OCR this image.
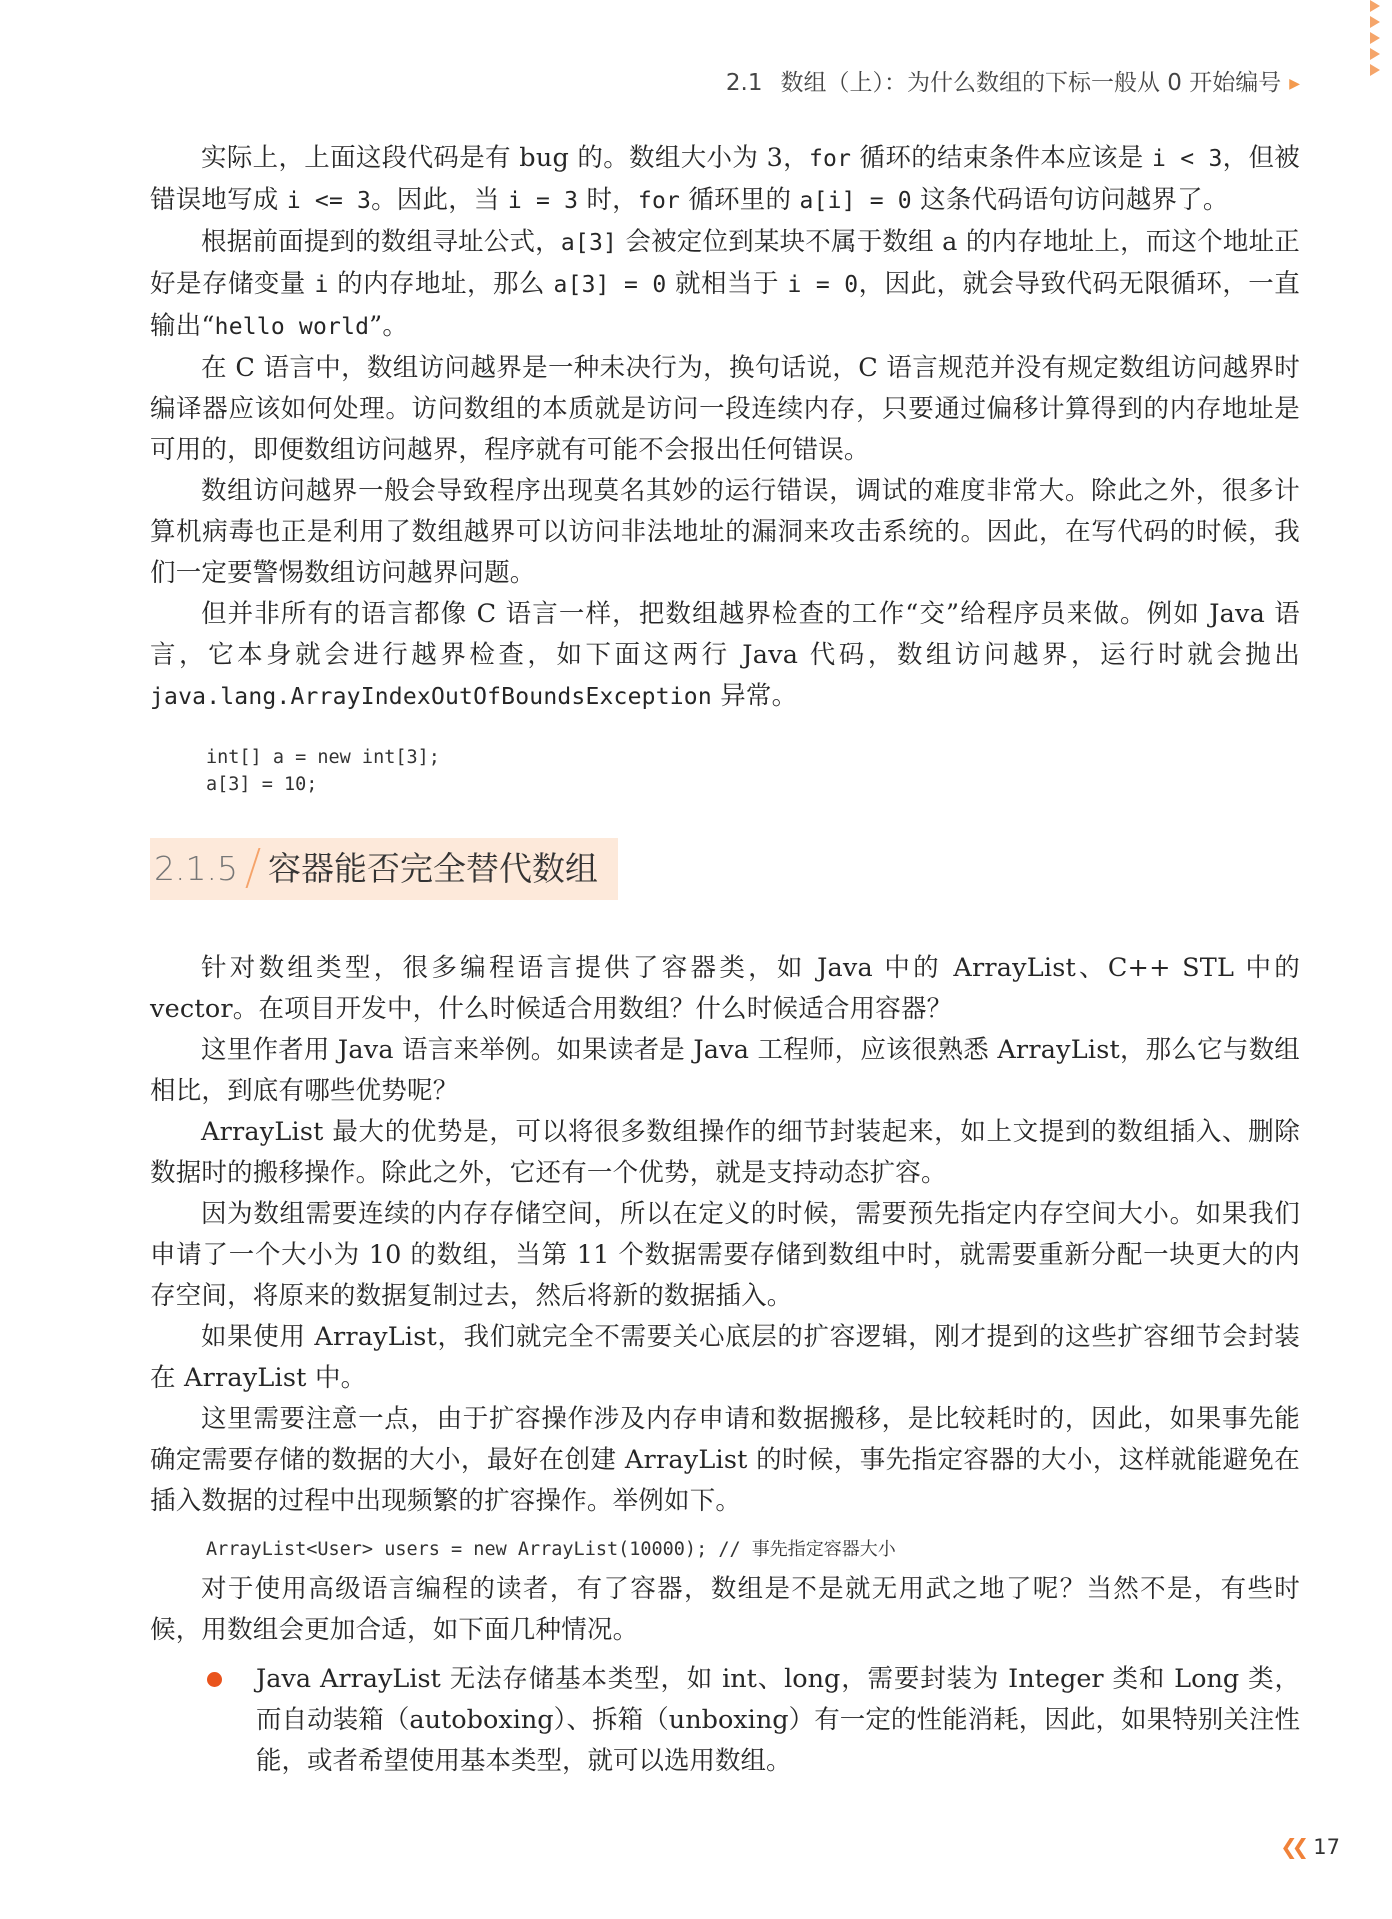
2.1 数组（上）：为什么数组的下标一般从 0 开始编号 ▶

实际上，上面这段代码是有 bug 的。数组大小为 3，for 循环的结束条件本应该是 i < 3，但被错误地写成 i <= 3。因此，当 i = 3 时，for 循环里的 a[i] = 0 这条代码语句访问越界了。

根据前面提到的数组寻址公式，a[3] 会被定位到某块不属于数组 a 的内存地址上，而这个地址正好是存储变量 i 的内存地址，那么 a[3] = 0 就相当于 i = 0，因此，就会导致代码无限循环，一直输出“hello world”。

在 C 语言中，数组访问越界是一种未决行为，换句话说，C 语言规范并没有规定数组访问越界时编译器应该如何处理。访问数组的本质就是访问一段连续内存，只要通过偏移计算得到的内存地址是可用的，即便数组访问越界，程序就有可能不会报出任何错误。

数组访问越界一般会导致程序出现莫名其妙的运行错误，调试的难度非常大。除此之外，很多计算机病毒也正是利用了数组越界可以访问非法地址的漏洞来攻击系统的。因此，在写代码的时候，我们一定要警惕数组访问越界问题。

但并非所有的语言都像 C 语言一样，把数组越界检查的工作“交”给程序员来做。例如 Java 语言，它本身就会进行越界检查，如下面这两行 Java 代码，数组访问越界，运行时就会抛出 java.lang.ArrayIndexOutOfBoundsException 异常。

int[] a = new int[3];
a[3] = 10;
2.1.5 容器能否完全替代数组

针对数组类型，很多编程语言提供了容器类，如 Java 中的 ArrayList、C++ STL 中的 vector。在项目开发中，什么时候适合用数组？什么时候适合用容器？

这里作者用 Java 语言来举例。如果读者是 Java 工程师，应该很熟悉 ArrayList，那么它与数组相比，到底有哪些优势呢？

ArrayList 最大的优势是，可以将很多数组操作的细节封装起来，如上文提到的数组插入、删除数据时的搬移操作。除此之外，它还有一个优势，就是支持动态扩容。

因为数组需要连续的内存存储空间，所以在定义的时候，需要预先指定内存空间大小。如果我们申请了一个大小为 10 的数组，当第 11 个数据需要存储到数组中时，就需要重新分配一块更大的内存空间，将原来的数据复制过去，然后将新的数据插入。

如果使用 ArrayList，我们就完全不需要关心底层的扩容逻辑，刚才提到的这些扩容细节会封装在 ArrayList 中。

这里需要注意一点，由于扩容操作涉及内存申请和数据搬移，是比较耗时的，因此，如果事先能确定需要存储的数据的大小，最好在创建 ArrayList 的时候，事先指定容器的大小，这样就能避免在插入数据的过程中出现频繁的扩容操作。举例如下。

ArrayList<User> users = new ArrayList(10000); // 事先指定容器大小

对于使用高级语言编程的读者，有了容器，数组是不是就无用武之地了呢？当然不是，有些时候，用数组会更加合适，如下面几种情况。

Java ArrayList 无法存储基本类型，如 int、long，需要封装为 Integer 类和 Long 类，而自动装箱（autoboxing）、拆箱（unboxing）有一定的性能消耗，因此，如果特别关注性能，或者希望使用基本类型，就可以选用数组。
❮❮ 17
